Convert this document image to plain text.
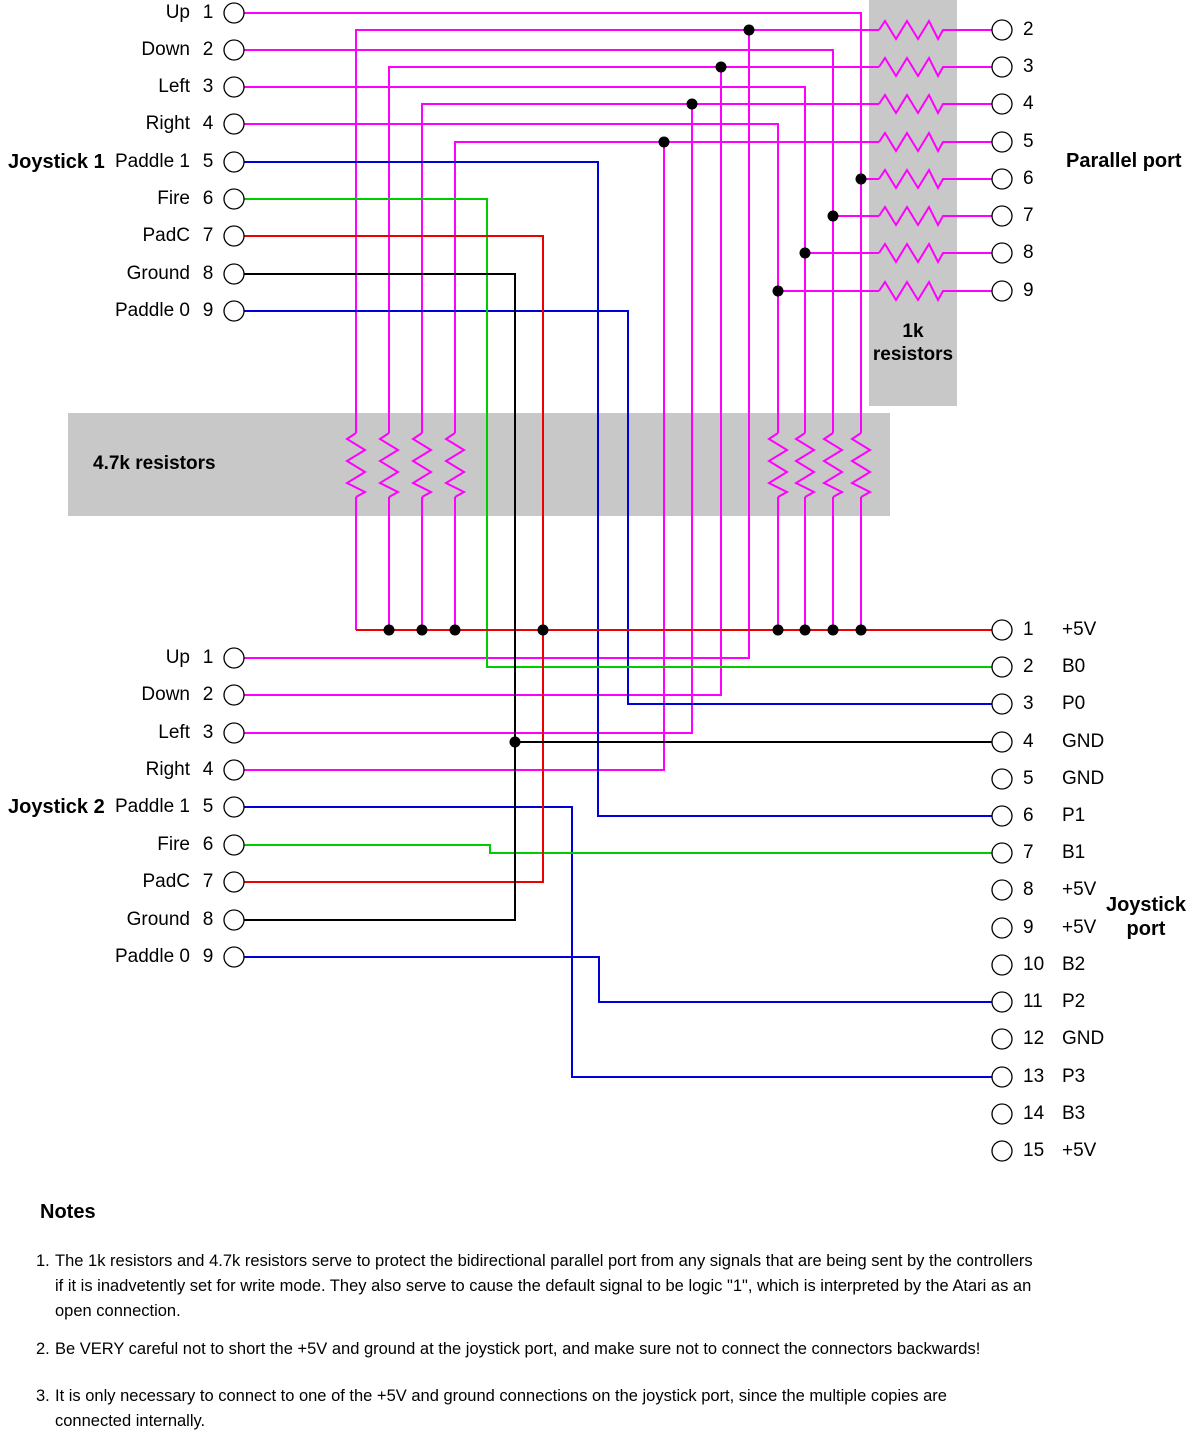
Joystick 1
Joystick 2
Parallel port
Joystick
port
4.7k resistors
1k
resistors
Notes
1. The 1k resistors and 4.7k resistors serve to protect the bidirectional parallel port from any signals that are being sent by the controllers
if it is inadvetently set for write mode. They also serve to cause the default signal to be logic "1", which is interpreted by the Atari as an
open connection.
2. Be VERY careful not to short the +5V and ground at the joystick port, and make sure not to connect the connectors backwards!
3. It is only necessary to connect to one of the +5V and ground connections on the joystick port, since the multiple copies are
connected internally.
Up 1
Down 2
Left 3
Right 4
Paddle 1 5
Fire 6
PadC 7
Ground 8
Paddle 0 9
Up 1
Down 2
Left 3
Right 4
Paddle 1 5
Fire 6
PadC 7
Ground 8
Paddle 0 9
2
3
4
5
6
7
8
9
1 +5V
2 B0
3 P0
4 GND
5 GND
6 P1
7 B1
8 +5V
9 +5V
10 B2
11 P2
12 GND
13 P3
14 B3
15 +5V
